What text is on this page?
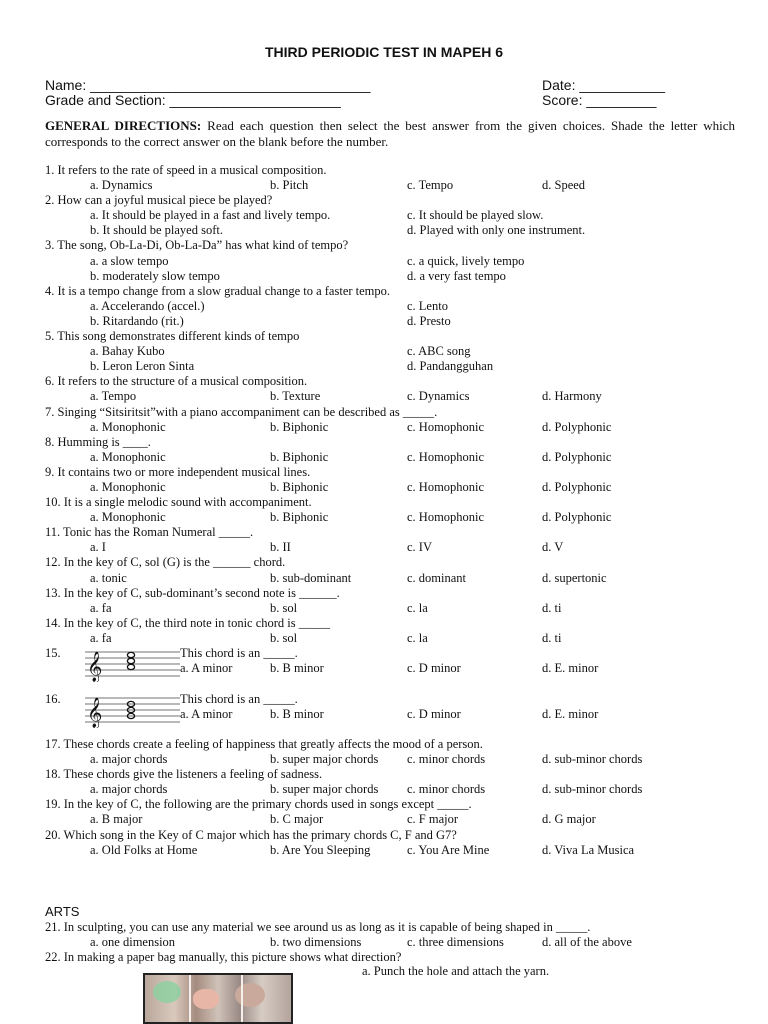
THIRD PERIODIC TEST IN MAPEH 6
Name: ____________________________________	Date: ___________
Grade and Section: ______________________	Score: _________
GENERAL DIRECTIONS: Read each question then select the best answer from the given choices. Shade the letter which corresponds to the correct answer on the blank before the number.
1. It refers to the rate of speed in a musical composition.
a. Dynamics	b. Pitch	c. Tempo	d. Speed
2. How can a joyful musical piece be played?
a. It should be played in a fast and lively tempo.	c. It should be played slow.
b. It should be played soft.	d. Played with only one instrument.
3. The song, Ob-La-Di, Ob-La-Da” has what kind of tempo?
a. a slow tempo	c. a quick, lively tempo
b. moderately slow tempo	d. a very fast tempo
4. It is a tempo change from a slow gradual change to a faster tempo.
a. Accelerando (accel.)	c. Lento
b. Ritardando (rit.)	d. Presto
5. This song demonstrates different kinds of tempo
a. Bahay Kubo	c. ABC song
b. Leron Leron Sinta	d. Pandangguhan
6. It refers to the structure of a musical composition.
a. Tempo	b. Texture	c. Dynamics	d. Harmony
7. Singing “Sitsiritsit”with a piano accompaniment can be described as _____.
a. Monophonic	b. Biphonic	c. Homophonic	d. Polyphonic
8. Humming is ____.
a. Monophonic	b. Biphonic	c. Homophonic	d. Polyphonic
9. It contains two or more independent musical lines.
a. Monophonic	b. Biphonic	c. Homophonic	d. Polyphonic
10. It is a single melodic sound with accompaniment.
a. Monophonic	b. Biphonic	c. Homophonic	d. Polyphonic
11. Tonic has the Roman Numeral _____.
a. I	b. II	c. IV	d. V
12. In the key of C, sol (G) is the ______ chord.
a. tonic	b. sub-dominant	c. dominant	d. supertonic
13. In the key of C, sub-dominant’s second note is ______.
a. fa	b. sol	c. la	d. ti
14. In the key of C, the third note in tonic chord is _____
a. fa	b. sol	c. la	d. ti
15. 𝄞	This chord is an _____.
a. A minor	b. B minor	c. D minor	d. E. minor
16. 𝄞	This chord is an _____.
a. A minor	b. B minor	c. D minor	d. E. minor
17. These chords create a feeling of happiness that greatly affects the mood of a person.
a. major chords	b. super major chords c. minor chords	d. sub-minor chords
18. These chords give the listeners a feeling of sadness.
a. major chords	b. super major chords c. minor chords	d. sub-minor chords
19. In the key of C, the following are the primary chords used in songs except _____.
a. B major	b. C major	c. F major	d. G major
20. Which song in the Key of C major which has the primary chords C, F and G7?
a. Old Folks at Home	b. Are You Sleeping	c. You Are Mine	d. Viva La Musica
ARTS
21. In sculpting, you can use any material we see around us as long as it is capable of being shaped in _____.
a. one dimension	b. two dimensions	c. three dimensions	d. all of the above
22. In making a paper bag manually, this picture shows what direction?
a. Punch the hole and attach the yarn.
